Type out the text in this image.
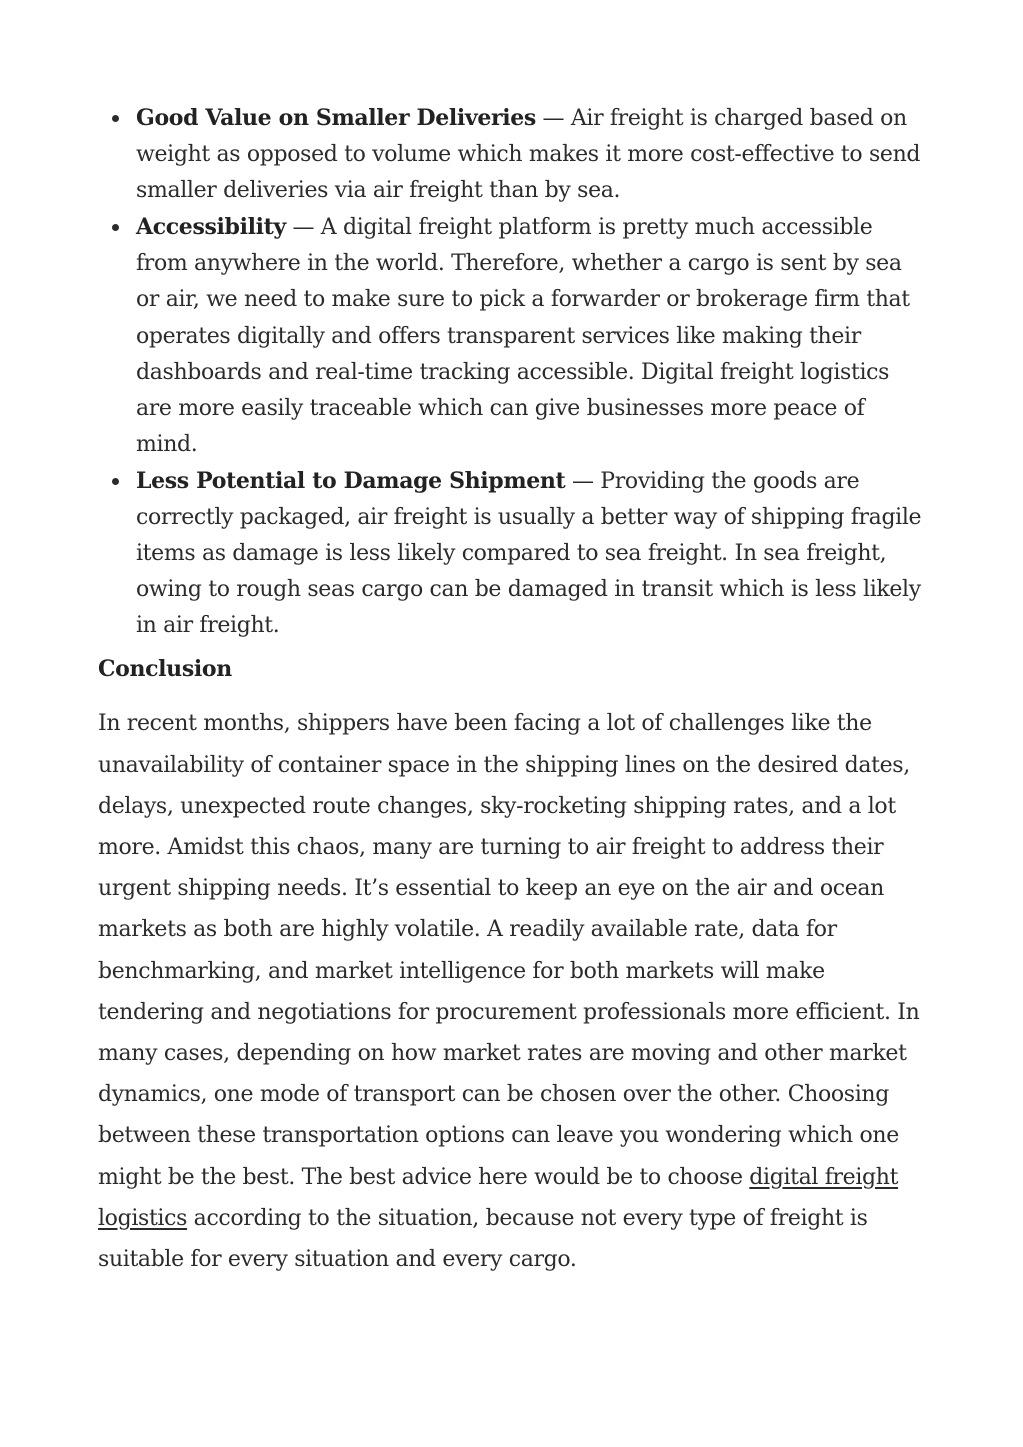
Good Value on Smaller Deliveries — Air freight is charged based on weight as opposed to volume which makes it more cost-effective to send smaller deliveries via air freight than by sea.
Accessibility — A digital freight platform is pretty much accessible from anywhere in the world. Therefore, whether a cargo is sent by sea or air, we need to make sure to pick a forwarder or brokerage firm that operates digitally and offers transparent services like making their dashboards and real-time tracking accessible. Digital freight logistics are more easily traceable which can give businesses more peace of mind.
Less Potential to Damage Shipment — Providing the goods are correctly packaged, air freight is usually a better way of shipping fragile items as damage is less likely compared to sea freight. In sea freight, owing to rough seas cargo can be damaged in transit which is less likely in air freight.
Conclusion

In recent months, shippers have been facing a lot of challenges like the unavailability of container space in the shipping lines on the desired dates, delays, unexpected route changes, sky-rocketing shipping rates, and a lot more. Amidst this chaos, many are turning to air freight to address their urgent shipping needs. It’s essential to keep an eye on the air and ocean markets as both are highly volatile. A readily available rate, data for benchmarking, and market intelligence for both markets will make tendering and negotiations for procurement professionals more efficient. In many cases, depending on how market rates are moving and other market dynamics, one mode of transport can be chosen over the other. Choosing between these transportation options can leave you wondering which one might be the best. The best advice here would be to choose digital freight logistics according to the situation, because not every type of freight is suitable for every situation and every cargo.
